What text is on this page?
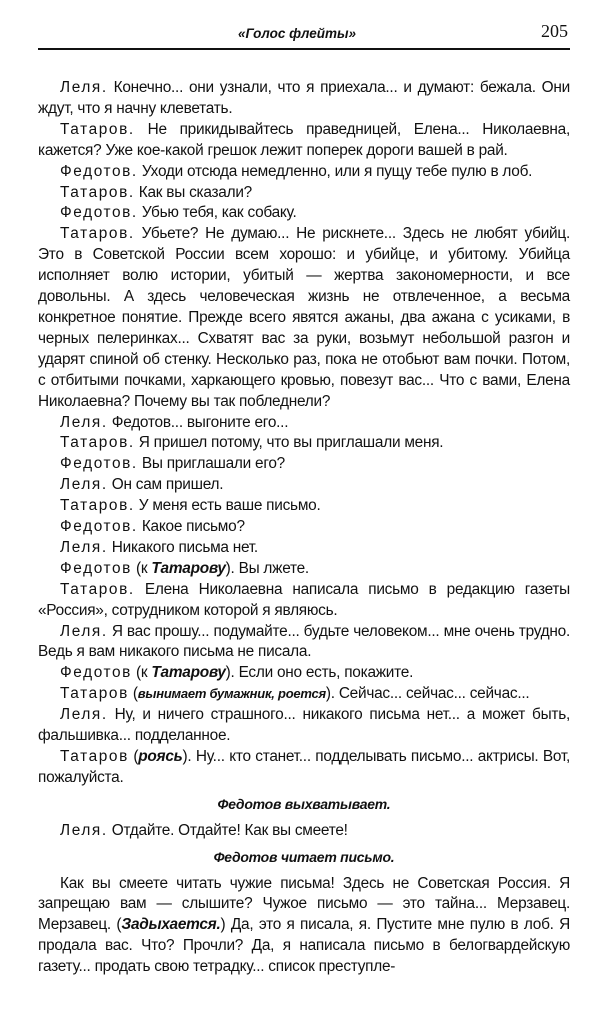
«Голос флейты»	205

Леля. Конечно... они узнали, что я приехала... и думают: бежала. Они ждут, что я начну клеветать.

Татаров. Не прикидывайтесь праведницей, Елена... Николаевна, кажется? Уже кое-какой грешок лежит поперек дороги вашей в рай.

Федотов. Уходи отсюда немедленно, или я пущу тебе пулю в лоб.

Татаров. Как вы сказали?

Федотов. Убью тебя, как собаку.

Татаров. Убьете? Не думаю... Не рискнете... Здесь не любят убийц. Это в Советской России всем хорошо: и убийце, и убитому. Убийца исполняет волю истории, убитый — жертва закономерности, и все довольны. А здесь человеческая жизнь не отвлеченное, а весьма конкретное понятие. Прежде всего явятся ажаны, два ажана с усиками, в черных пелеринках... Схватят вас за руки, возьмут небольшой разгон и ударят спиной об стенку. Несколько раз, пока не отобьют вам почки. Потом, с отбитыми почками, харкающего кровью, повезут вас... Что с вами, Елена Николаевна? Почему вы так побледнели?

Леля. Федотов... выгоните его...

Татаров. Я пришел потому, что вы приглашали меня.

Федотов. Вы приглашали его?

Леля. Он сам пришел.

Татаров. У меня есть ваше письмо.

Федотов. Какое письмо?

Леля. Никакого письма нет.

Федотов (к Татарову). Вы лжете.

Татаров. Елена Николаевна написала письмо в редакцию газеты «Россия», сотрудником которой я являюсь.

Леля. Я вас прошу... подумайте... будьте человеком... мне очень трудно. Ведь я вам никакого письма не писала.

Федотов (к Татарову). Если оно есть, покажите.

Татаров (вынимает бумажник, роется). Сейчас... сейчас... сейчас...

Леля. Ну, и ничего страшного... никакого письма нет... а может быть, фальшивка... подделанное.

Татаров (роясь). Ну... кто станет... подделывать письмо... актрисы. Вот, пожалуйста.

Федотов выхватывает.

Леля. Отдайте. Отдайте! Как вы смеете!

Федотов читает письмо.

Как вы смеете читать чужие письма! Здесь не Советская Россия. Я запрещаю вам — слышите? Чужое письмо — это тайна... Мерзавец. Мерзавец. (Задыхается.) Да, это я писала, я. Пустите мне пулю в лоб. Я продала вас. Что? Прочли? Да, я написала письмо в белогвардейскую газету... продать свою тетрадку... список преступле-
